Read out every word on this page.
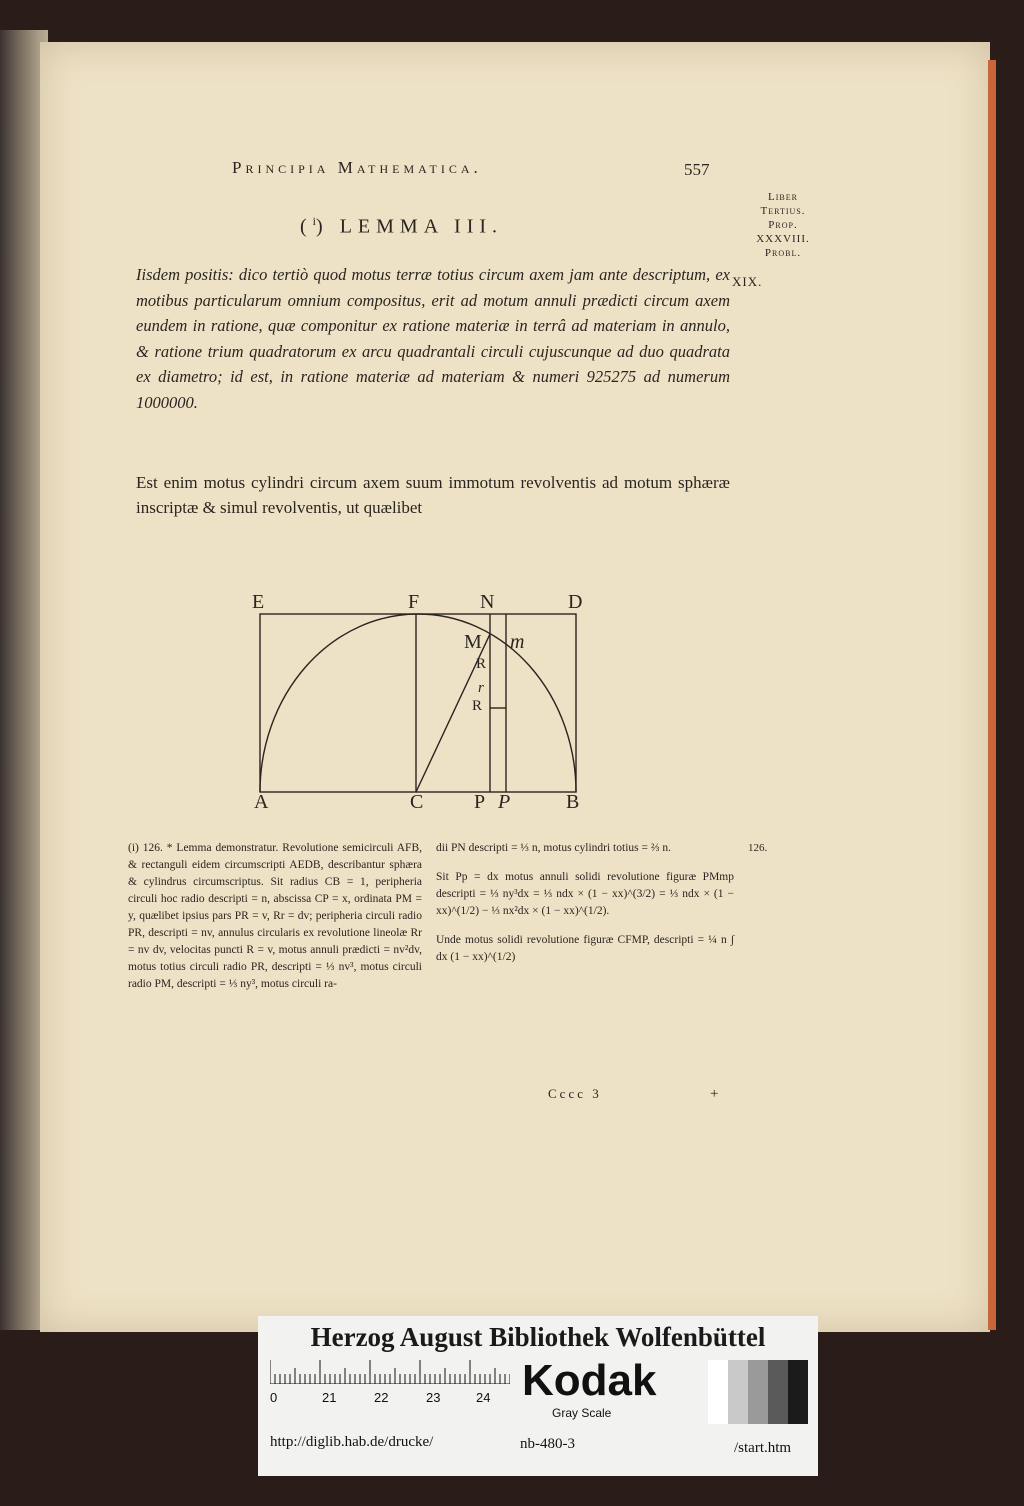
Principia Mathematica.	557
Liber
Tertius.
Prop.
XXXVIII.
Probl.
XIX.
($^i$) LEMMA III.
Iisdem positis: dico tertiò quod motus terræ totius circum axem jam ante descriptum, ex motibus particularum omnium compositus, erit ad motum annuli prædicti circum axem eundem in ratione, quæ componitur ex ratione materiæ in terrâ ad materiam in annulo, & ratione trium quadratorum ex arcu quadrantali circuli cujuscunque ad duo quadrata ex diametro; id est, in ratione materiæ ad materiam & numeri 925275 ad numerum 1000000.
Est enim motus cylindri circum axem suum immotum revolventis ad motum sphæræ inscriptæ & simul revolventis, ut quælibet
E	F	N	D
M m
R
r
R
A	C	P P	B

(i) 126. * Lemma demonstratur. Revolutione semicirculi AFB, & rectanguli eidem circumscripti AEDB, describantur sphæra & cylindrus circumscriptus. Sit radius CB = 1, peripheria circuli hoc radio descripti = n, abscissa CP = x, ordinata PM = y, quælibet ipsius pars PR = v, Rr = dv; peripheria circuli radio PR, descripti = nv, annulus circularis ex revolutione lineolæ Rr = nv dv, velocitas puncti R = v, motus annuli prædicti = nv²dv, motus totius circuli radio PR, descripti = ⅓ nv³, motus circuli radio PM, descripti = ⅓ ny³, motus circuli ra-

dii PN descripti = ⅓ n, motus cylindri totius = ⅔ n.

Sit Pp = dx motus annuli solidi revolutione figuræ PMmp descripti = ⅓ ny³dx = ⅓ ndx × (1 − xx)^(3/2) = ⅓ ndx × (1 − xx)^(1/2) − ⅓ nx²dx × (1 − xx)^(1/2).

Unde motus solidi revolutione figuræ CFMP, descripti = ¼ n ∫ dx (1 − xx)^(1/2)

126.
Cccc 3	+
Herzog August Bibliothek Wolfenbüttel
0	21	22	23	24 Kodak
Gray Scale
http://diglib.hab.de/drucke/	nb-480-3	/start.htm
